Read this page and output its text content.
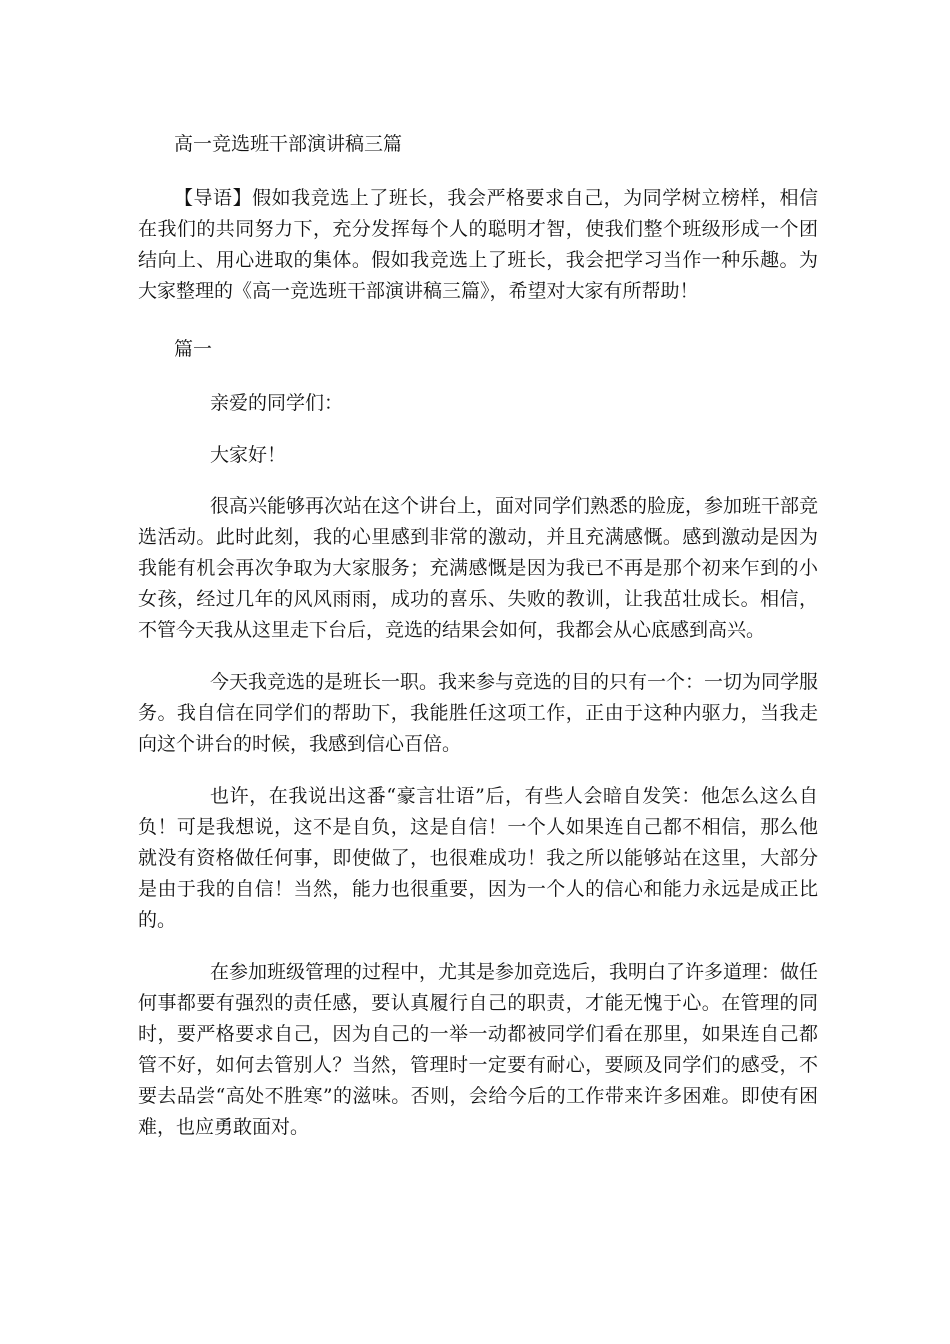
高一竞选班干部演讲稿三篇

【导语】假如我竞选上了班长，我会严格要求自己，为同学树立榜样，相信在我们的共同努力下，充分发挥每个人的聪明才智，使我们整个班级形成一个团结向上、用心进取的集体。假如我竞选上了班长，我会把学习当作一种乐趣。为大家整理的《高一竞选班干部演讲稿三篇》，希望对大家有所帮助！

篇一
亲爱的同学们：
大家好！

很高兴能够再次站在这个讲台上，面对同学们熟悉的脸庞，参加班干部竞选活动。此时此刻，我的心里感到非常的激动，并且充满感慨。感到激动是因为我能有机会再次争取为大家服务；充满感慨是因为我已不再是那个初来乍到的小女孩，经过几年的风风雨雨，成功的喜乐、失败的教训，让我茁壮成长。相信，不管今天我从这里走下台后，竞选的结果会如何，我都会从心底感到高兴。

今天我竞选的是班长一职。我来参与竞选的目的只有一个：一切为同学服务。我自信在同学们的帮助下，我能胜任这项工作，正由于这种内驱力，当我走向这个讲台的时候，我感到信心百倍。

也许，在我说出这番“豪言壮语”后，有些人会暗自发笑：他怎么这么自负！可是我想说，这不是自负，这是自信！一个人如果连自己都不相信，那么他就没有资格做任何事，即使做了，也很难成功！我之所以能够站在这里，大部分是由于我的自信！当然，能力也很重要，因为一个人的信心和能力永远是成正比的。

在参加班级管理的过程中，尤其是参加竞选后，我明白了许多道理：做任何事都要有强烈的责任感，要认真履行自己的职责，才能无愧于心。在管理的同时，要严格要求自己，因为自己的一举一动都被同学们看在那里，如果连自己都管不好，如何去管别人？当然，管理时一定要有耐心，要顾及同学们的感受，不要去品尝“高处不胜寒”的滋味。否则，会给今后的工作带来许多困难。即使有困难，也应勇敢面对。
